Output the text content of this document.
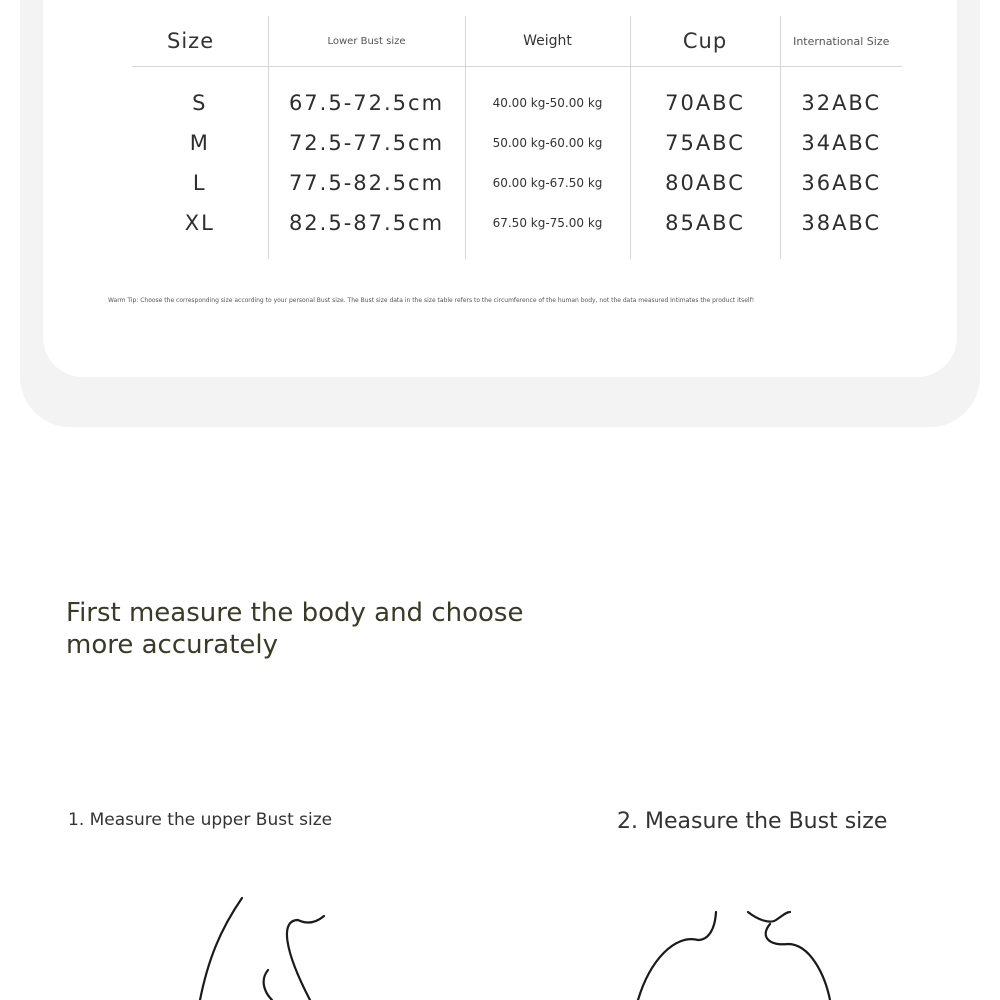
Size	Lower Bust size	Weight	Cup	International Size
S	67.5-72.5cm	40.00 kg-50.00 kg	70ABC	32ABC
M	72.5-77.5cm	50.00 kg-60.00 kg	75ABC	34ABC
L	77.5-82.5cm	60.00 kg-67.50 kg	80ABC	36ABC
XL	82.5-87.5cm	67.50 kg-75.00 kg	85ABC	38ABC
Warm Tip: Choose the corresponding size according to your personal Bust size. The Bust size data in the size table refers to the circumference of the human body, not the data measured Intimates the product itself!
First measure the body and choose more accurately

1. Measure the upper Bust size	2. Measure the Bust size
